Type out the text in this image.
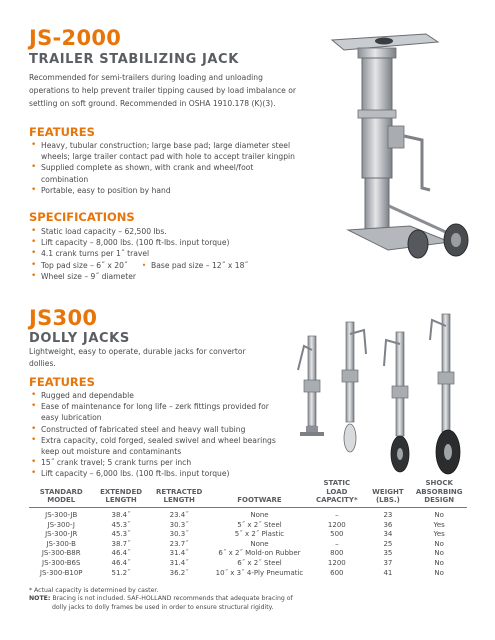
JS-2000
TRAILER STABILIZING JACK

Recommended for semi-trailers during loading and unloading operations to help prevent trailer tipping caused by load imbalance or settling on soft ground. Recommended in OSHA 1910.178 (K)(3).

FEATURES
• Heavy, tubular construction; large base pad; large diameter steel wheels; large trailer contact pad with hole to accept trailer kingpin
• Supplied complete as shown, with crank and wheel/foot combination
• Portable, easy to position by hand
SPECIFICATIONS
• Static load capacity – 62,500 lbs.
• Lift capacity – 8,000 lbs. (100 ft-lbs. input torque)
• 4.1 crank turns per 1˝ travel
• Top pad size – 6˝ x 20˝ • Base pad size – 12˝ x 18˝
• Wheel size – 9˝ diameter
JS300
DOLLY JACKS

Lightweight, easy to operate, durable jacks for convertor dollies.

FEATURES
• Rugged and dependable
• Ease of maintenance for long life – zerk fittings provided for easy lubrication
• Constructed of fabricated steel and heavy wall tubing
• Extra capacity, cold forged, sealed swivel and wheel bearings keep out moisture and contaminants
• 15˝ crank travel; 5 crank turns per inch
• Lift capacity – 6,000 lbs. (100 ft-lbs. input torque)
STANDARD
MODEL	EXTENDED
LENGTH	RETRACTED
LENGTH	FOOTWARE	STATIC
LOAD
CAPACITY*	WEIGHT
(LBS.)	SHOCK
ABSORBING
DESIGN

JS-300-JB	38.4˝	23.4˝	None	–	23	No
JS-300-J	45.3˝	30.3˝	5˝ x 2˝ Steel	1200	36	Yes
JS-300-JR	45.3˝	30.3˝	5˝ x 2˝ Plastic	500	34	Yes
JS-300-B	38.7˝	23.7˝	None	–	25	No
JS-300-B8R	46.4˝	31.4˝	6˝ x 2˝ Mold-on Rubber	800	35	No
JS-300-B6S	46.4˝	31.4˝	6˝ x 2˝ Steel	1200	37	No
JS-300-B10P	51.2˝	36.2˝	10˝ x 3˝ 4-Ply Pneumatic	600	41	No
* Actual capacity is determined by caster.
NOTE: Bracing is not included. SAF-HOLLAND recommends that adequate bracing of
dolly jacks to dolly frames be used in order to ensure structural rigidity.
